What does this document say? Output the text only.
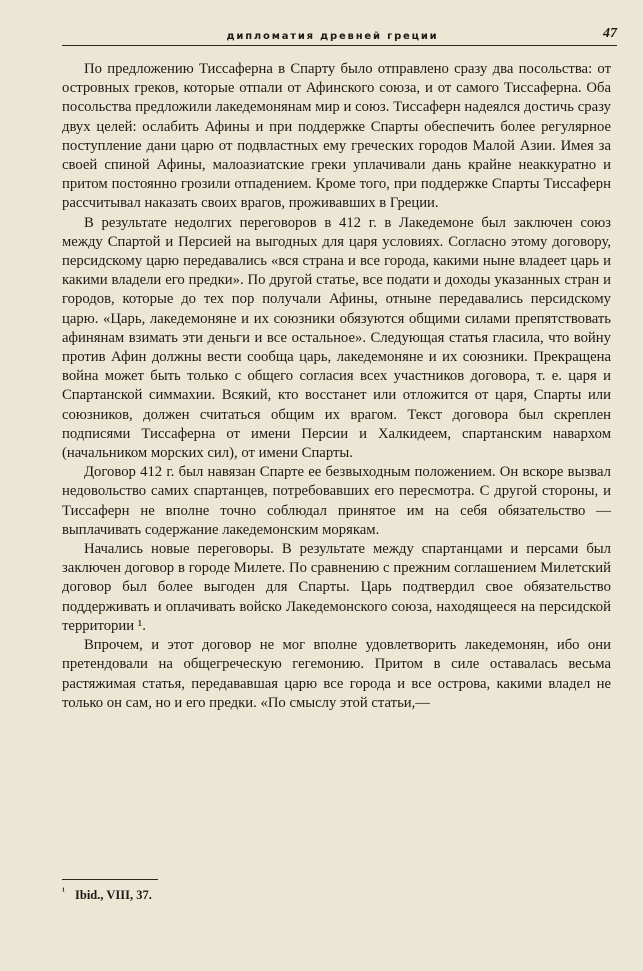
дипломатия древней греции	47

По предложению Тиссаферна в Спарту было отправлено сразу два посольства: от островных греков, которые отпали от Афинского союза, и от самого Тиссаферна. Оба посольства предложили лакедемонянам мир и союз. Тиссаферн надеялся достичь сразу двух целей: ослабить Афины и при поддержке Спарты обеспечить более регулярное поступление дани царю от подвластных ему греческих городов Малой Азии. Имея за своей спиной Афины, малоазиатские греки уплачивали дань крайне неаккуратно и притом постоянно грозили отпадением. Кроме того, при поддержке Спарты Тиссаферн рассчитывал наказать своих врагов, проживавших в Греции.

В результате недолгих переговоров в 412 г. в Лакедемоне был заключен союз между Спартой и Персией на выгодных для царя условиях. Согласно этому договору, персидскому царю передавались «вся страна и все города, какими ныне владеет царь и какими владели его предки». По другой статье, все подати и доходы указанных стран и городов, которые до тех пор получали Афины, отныне передавались персидскому царю. «Царь, лакедемоняне и их союзники обязуются общими силами препятствовать афинянам взимать эти деньги и все остальное». Следующая статья гласила, что войну против Афин должны вести сообща царь, лакедемоняне и их союзники. Прекращена война может быть только с общего согласия всех участников договора, т. е. царя и Спартанской симмахии. Всякий, кто восстанет или отложится от царя, Спарты или союзников, должен считаться общим их врагом. Текст договора был скреплен подписями Тиссаферна от имени Персии и Халкидеем, спартанским навархом (начальником морских сил), от имени Спарты.

Договор 412 г. был навязан Спарте ее безвыходным положением. Он вскоре вызвал недовольство самих спартанцев, потребовавших его пересмотра. С другой стороны, и Тиссаферн не вполне точно соблюдал принятое им на себя обязательство — выплачивать содержание лакедемонским морякам.

Начались новые переговоры. В результате между спартанцами и персами был заключен договор в городе Милете. По сравнению с прежним соглашением Милетский договор был более выгоден для Спарты. Царь подтвердил свое обязательство поддерживать и оплачивать войско Лакедемонского союза, находящееся на персидской территории ¹.

Впрочем, и этот договор не мог вполне удовлетворить лакедемонян, ибо они претендовали на общегреческую гегемонию. Притом в силе оставалась весьма растяжимая статья, передававшая царю все города и все острова, какими владел не только он сам, но и его предки. «По смыслу этой статьи,—

¹ Ibid., VIII, 37.
